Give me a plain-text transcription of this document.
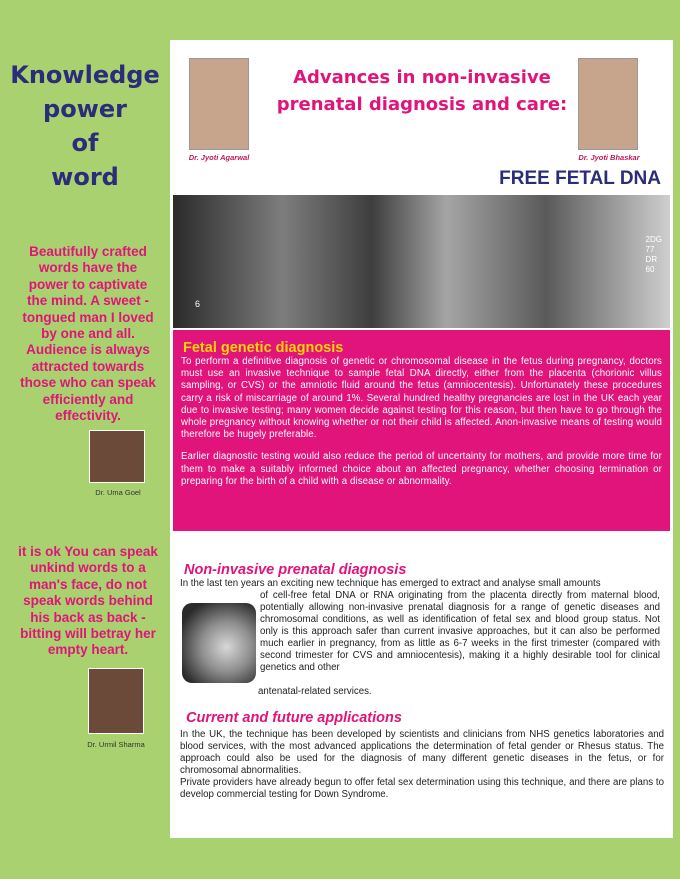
Knowledge
power
of
word
Beautifully crafted words have the power to captivate the mind. A sweet - tongued man I loved by one and all. Audience is always attracted towards those who can speak efficiently and effectivity.
Dr. Uma Goel
it is ok You can speak unkind words to a man's face, do not speak words behind his back as back - bitting will betray her empty heart.
Dr. Urmil Sharma
Dr. Jyoti Agarwal
Advances in non-invasive prenatal diagnosis and care:
Dr. Jyoti Bhaskar
FREE FETAL DNA
2DG
77
DR
60
6
Fetal genetic diagnosis

To perform a definitive diagnosis of genetic or chromosomal disease in the fetus during pregnancy, doctors must use an invasive technique to sample fetal DNA directly, either from the placenta (chorionic villus sampling, or CVS) or the amniotic fluid around the fetus (amniocentesis). Unfortunately these procedures carry a risk of miscarriage of around 1%. Several hundred healthy pregnancies are lost in the UK each year due to invasive testing; many women decide against testing for this reason, but then have to go through the whole pregnancy without knowing whether or not their child is affected. Anon-invasive means of testing would therefore be hugely preferable.

Earlier diagnostic testing would also reduce the period of uncertainty for mothers, and provide more time for them to make a suitably informed choice about an affected pregnancy, whether choosing termination or preparing for the birth of a child with a disease or abnormality.

Non-invasive prenatal diagnosis
In the last ten years an exciting new technique has emerged to extract and analyse small amounts
of cell-free fetal DNA or RNA originating from the placenta directly from maternal blood, potentially allowing non-invasive prenatal diagnosis for a range of genetic diseases and chromosomal conditions, as well as identification of fetal sex and blood group status. Not only is this approach safer than current invasive approaches, but it can also be performed much earlier in pregnancy, from as little as 6-7 weeks in the first trimester (compared with second trimester for CVS and amniocentesis), making it a highly desirable tool for clinical genetics and other
antenatal-related services.
Current and future applications
In the UK, the technique has been developed by scientists and clinicians from NHS genetics laboratories and blood services, with the most advanced applications the determination of fetal gender or Rhesus status. The approach could also be used for the diagnosis of many different genetic diseases in the fetus, or for chromosomal abnormalities.
Private providers have already begun to offer fetal sex determination using this technique, and there are plans to develop commercial testing for Down Syndrome.
